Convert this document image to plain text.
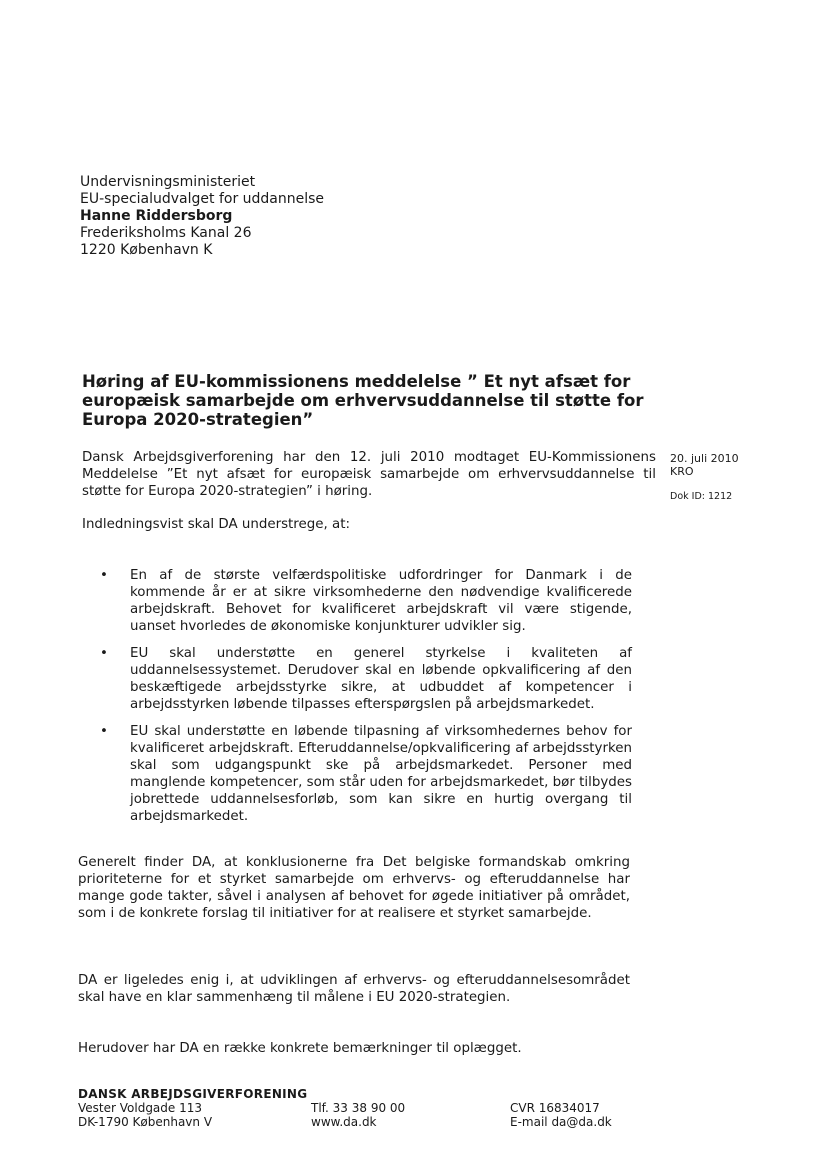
Undervisningsministeriet
EU-specialudvalget for uddannelse
Hanne Riddersborg
Frederiksholms Kanal 26
1220 København K
Høring af EU-kommissionens meddelelse ” Et nyt afsæt for europæisk samarbejde om erhvervsuddannelse til støtte for Europa 2020-strategien”
Dansk Arbejdsgiverforening har den 12. juli 2010 modtaget EU-Kommissionens Meddelelse ”Et nyt afsæt for europæisk samarbejde om erhvervsuddannelse til støtte for Europa 2020-strategien” i høring.
20. juli 2010
KRO
Dok ID: 1212
Indledningsvist skal DA understrege, at:
• En af de største velfærdspolitiske udfordringer for Danmark i de kommende år er at sikre virksomhederne den nødvendige kvalificerede arbejdskraft. Behovet for kvalificeret arbejdskraft vil være stigende, uanset hvorledes de økonomiske konjunkturer udvikler sig.
• EU skal understøtte en generel styrkelse i kvaliteten af uddannelsessystemet. Derudover skal en løbende opkvalificering af den beskæftigede arbejdsstyrke sikre, at udbuddet af kompetencer i arbejdsstyrken løbende tilpasses efterspørgslen på arbejdsmarkedet.
• EU skal understøtte en løbende tilpasning af virksomhedernes behov for kvalificeret arbejdskraft. Efteruddannelse/opkvalificering af arbejdsstyrken skal som udgangspunkt ske på arbejdsmarkedet. Personer med manglende kompetencer, som står uden for arbejdsmarkedet, bør tilbydes jobrettede uddannelsesforløb, som kan sikre en hurtig overgang til arbejdsmarkedet.
Generelt finder DA, at konklusionerne fra Det belgiske formandskab omkring prioriteterne for et styrket samarbejde om erhvervs- og efteruddannelse har mange gode takter, såvel i analysen af behovet for øgede initiativer på området, som i de konkrete forslag til initiativer for at realisere et styrket samarbejde.
DA er ligeledes enig i, at udviklingen af erhvervs- og efteruddannelsesområdet skal have en klar sammenhæng til målene i EU 2020-strategien.
Herudover har DA en række konkrete bemærkninger til oplægget.
DANSK ARBEJDSGIVERFORENING
Vester Voldgade 113
DK-1790 København V
Tlf. 33 38 90 00
www.da.dk
CVR 16834017
E-mail da@da.dk
